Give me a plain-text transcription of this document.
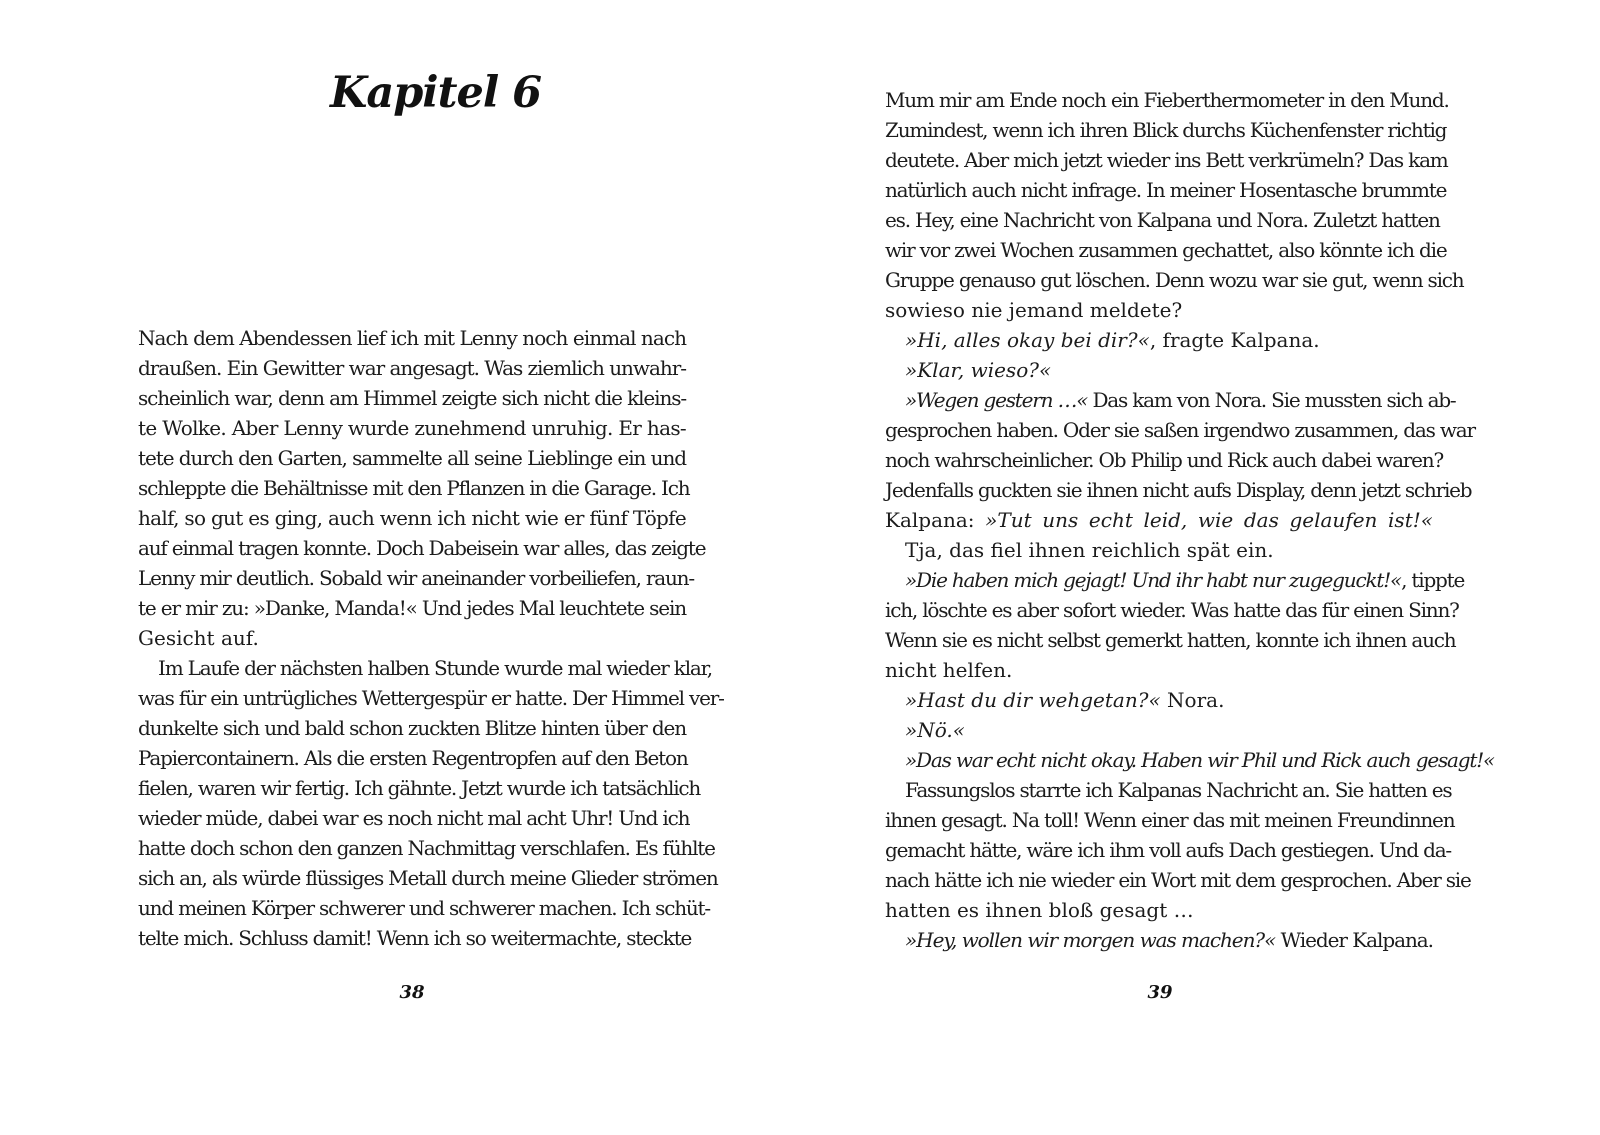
Kapitel 6
Nach dem Abendessen lief ich mit Lenny noch einmal nach
draußen. Ein Gewitter war angesagt. Was ziemlich unwahr-
scheinlich war, denn am Himmel zeigte sich nicht die kleins-
te Wolke. Aber Lenny wurde zunehmend unruhig. Er has-
tete durch den Garten, sammelte all seine Lieblinge ein und
schleppte die Behältnisse mit den Pflanzen in die Garage. Ich
half, so gut es ging, auch wenn ich nicht wie er fünf Töpfe
auf einmal tragen konnte. Doch Dabeisein war alles, das zeigte
Lenny mir deutlich. Sobald wir aneinander vorbeiliefen, raun-
te er mir zu: »Danke, Manda!« Und jedes Mal leuchtete sein
Gesicht auf.
Im Laufe der nächsten halben Stunde wurde mal wieder klar,
was für ein untrügliches Wettergespür er hatte. Der Himmel ver-
dunkelte sich und bald schon zuckten Blitze hinten über den
Papiercontainern. Als die ersten Regentropfen auf den Beton
fielen, waren wir fertig. Ich gähnte. Jetzt wurde ich tatsächlich
wieder müde, dabei war es noch nicht mal acht Uhr! Und ich
hatte doch schon den ganzen Nachmittag verschlafen. Es fühlte
sich an, als würde flüssiges Metall durch meine Glieder strömen
und meinen Körper schwerer und schwerer machen. Ich schüt-
telte mich. Schluss damit! Wenn ich so weitermachte, steckte
38
Mum mir am Ende noch ein Fieberthermometer in den Mund.
Zumindest, wenn ich ihren Blick durchs Küchenfenster richtig
deutete. Aber mich jetzt wieder ins Bett verkrümeln? Das kam
natürlich auch nicht infrage. In meiner Hosentasche brummte
es. Hey, eine Nachricht von Kalpana und Nora. Zuletzt hatten
wir vor zwei Wochen zusammen gechattet, also könnte ich die
Gruppe genauso gut löschen. Denn wozu war sie gut, wenn sich
sowieso nie jemand meldete?
»Hi, alles okay bei dir?«, fragte Kalpana.
»Klar, wieso?«
»Wegen gestern …« Das kam von Nora. Sie mussten sich ab-
gesprochen haben. Oder sie saßen irgendwo zusammen, das war
noch wahrscheinlicher. Ob Philip und Rick auch dabei waren?
Jedenfalls guckten sie ihnen nicht aufs Display, denn jetzt schrieb
Kalpana: »Tut uns echt leid, wie das gelaufen ist!«
Tja, das fiel ihnen reichlich spät ein.
»Die haben mich gejagt! Und ihr habt nur zugeguckt!«, tippte
ich, löschte es aber sofort wieder. Was hatte das für einen Sinn?
Wenn sie es nicht selbst gemerkt hatten, konnte ich ihnen auch
nicht helfen.
»Hast du dir wehgetan?« Nora.
»Nö.«
»Das war echt nicht okay. Haben wir Phil und Rick auch gesagt!«
Fassungslos starrte ich Kalpanas Nachricht an. Sie hatten es
ihnen gesagt. Na toll! Wenn einer das mit meinen Freundinnen
gemacht hätte, wäre ich ihm voll aufs Dach gestiegen. Und da-
nach hätte ich nie wieder ein Wort mit dem gesprochen. Aber sie
hatten es ihnen bloß gesagt …
»Hey, wollen wir morgen was machen?« Wieder Kalpana.
39
